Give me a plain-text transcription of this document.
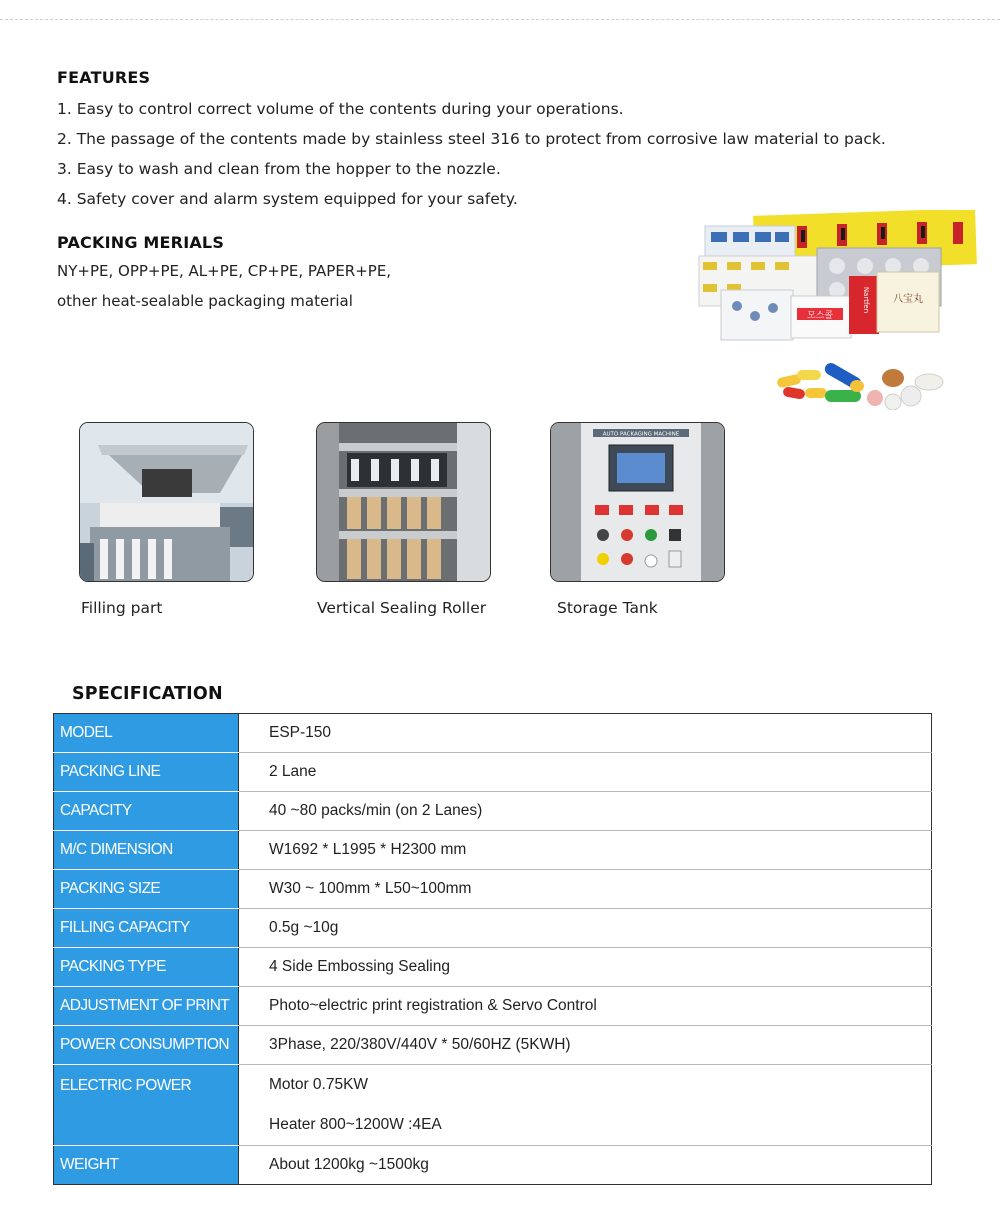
FEATURES
1. Easy to control correct volume of the contents during your operations.
2. The passage of the contents made by stainless steel 316 to protect from corrosive law material to pack.
3. Easy to wash and clean from the hopper to the nozzle.
4. Safety cover and alarm system equipped for your safety.
PACKING MERIALS
NY+PE, OPP+PE, AL+PE, CP+PE, PAPER+PE,
other heat-sealable packaging material
모스콜
Nartfen 八宝丸
AUTO PACKAGING MACHINE
Filling part	Vertical Sealing Roller	Storage Tank
SPECIFICATION
MODEL	ESP-150

PACKING LINE	2 Lane

CAPACITY	40 ~80 packs/min (on 2 Lanes)

M/C DIMENSION	W1692 * L1995 * H2300 mm

PACKING SIZE	W30 ~ 100mm * L50~100mm

FILLING CAPACITY	0.5g ~10g

PACKING TYPE	4 Side Embossing Sealing

ADJUSTMENT OF PRINT	Photo~electric print registration & Servo Control

POWER CONSUMPTION	3Phase, 220/380V/440V * 50/60HZ (5KWH)

ELECTRIC POWER	Motor 0.75KW
Heater 800~1200W :4EA

WEIGHT	About 1200kg ~1500kg
